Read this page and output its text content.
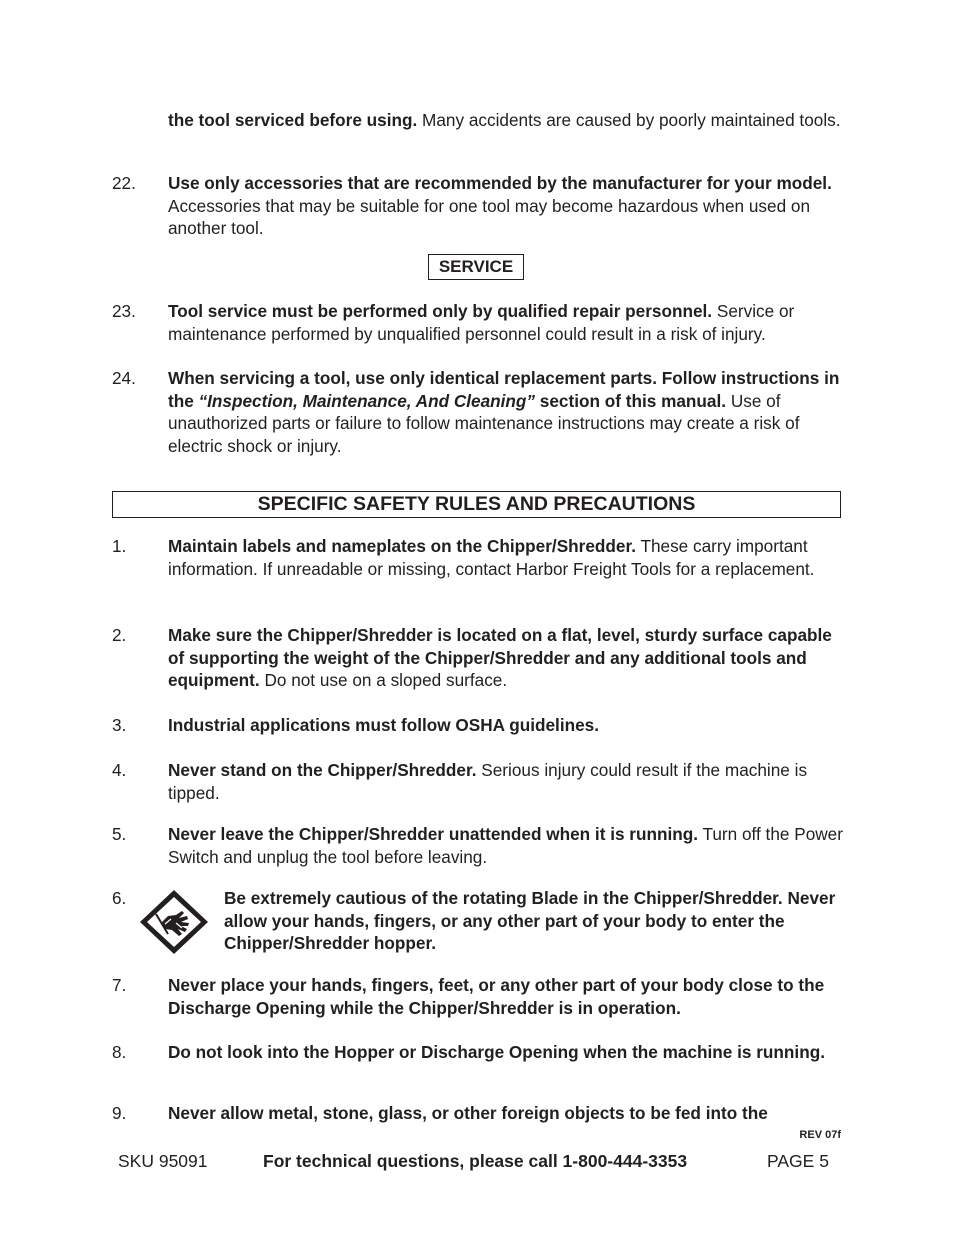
the tool serviced before using. Many accidents are caused by poorly maintained tools.
22. Use only accessories that are recommended by the manufacturer for your model. Accessories that may be suitable for one tool may become hazardous when used on another tool.
SERVICE
23. Tool service must be performed only by qualified repair personnel. Service or maintenance performed by unqualified personnel could result in a risk of injury.
24. When servicing a tool, use only identical replacement parts. Follow instructions in the “Inspection, Maintenance, And Cleaning” section of this manual. Use of unauthorized parts or failure to follow maintenance instructions may create a risk of electric shock or injury.
SPECIFIC SAFETY RULES AND PRECAUTIONS
1. Maintain labels and nameplates on the Chipper/Shredder. These carry important information. If unreadable or missing, contact Harbor Freight Tools for a replacement.
2. Make sure the Chipper/Shredder is located on a flat, level, sturdy surface capable of supporting the weight of the Chipper/Shredder and any additional tools and equipment. Do not use on a sloped surface.
3. Industrial applications must follow OSHA guidelines.
4. Never stand on the Chipper/Shredder. Serious injury could result if the machine is tipped.
5. Never leave the Chipper/Shredder unattended when it is running. Turn off the Power Switch and unplug the tool before leaving.
6.	Be extremely cautious of the rotating Blade in the Chipper/Shredder. Never allow your hands, fingers, or any other part of your body to enter the Chipper/Shredder hopper.
7. Never place your hands, fingers, feet, or any other part of your body close to the Discharge Opening while the Chipper/Shredder is in operation.
8. Do not look into the Hopper or Discharge Opening when the machine is running.
9. Never allow metal, stone, glass, or other foreign objects to be fed into the
REV 07f
SKU 95091	For technical questions, please call 1-800-444-3353	PAGE 5
